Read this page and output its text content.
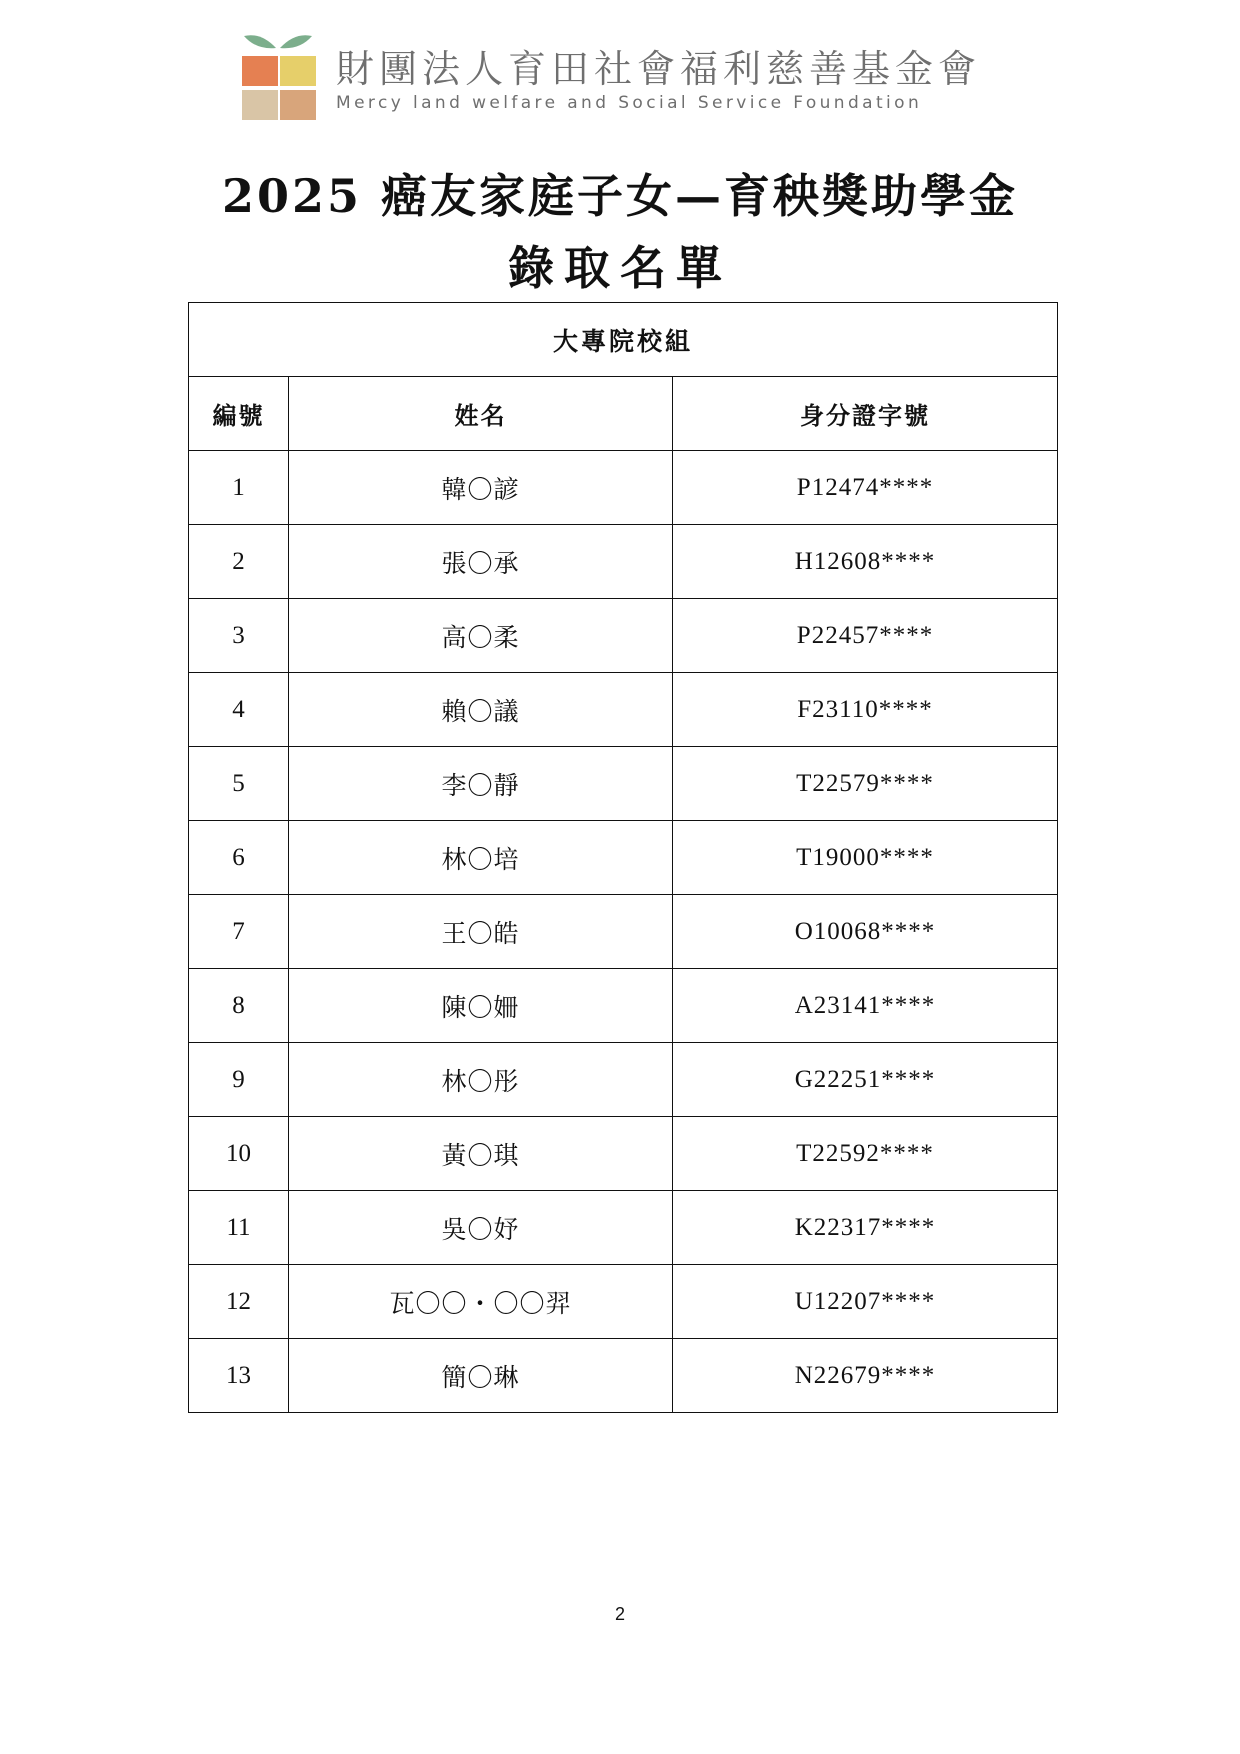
財團法人育田社會福利慈善基金會
Mercy land welfare and Social Service Foundation
2025 癌友家庭子女—育秧獎助學金
錄取名單
大專院校組		
編號	姓名	身分證字號
1	韓〇諺	P12474****
2	張〇承	H12608****
3	高〇柔	P22457****
4	賴〇議	F23110****
5	李〇靜	T22579****
6	林〇培	T19000****
7	王〇皓	O10068****
8	陳〇姍	A23141****
9	林〇彤	G22251****
10	黃〇琪	T22592****
11	吳〇妤	K22317****
12	瓦〇〇・〇〇羿	U12207****
13	簡〇琳	N22679****
2
